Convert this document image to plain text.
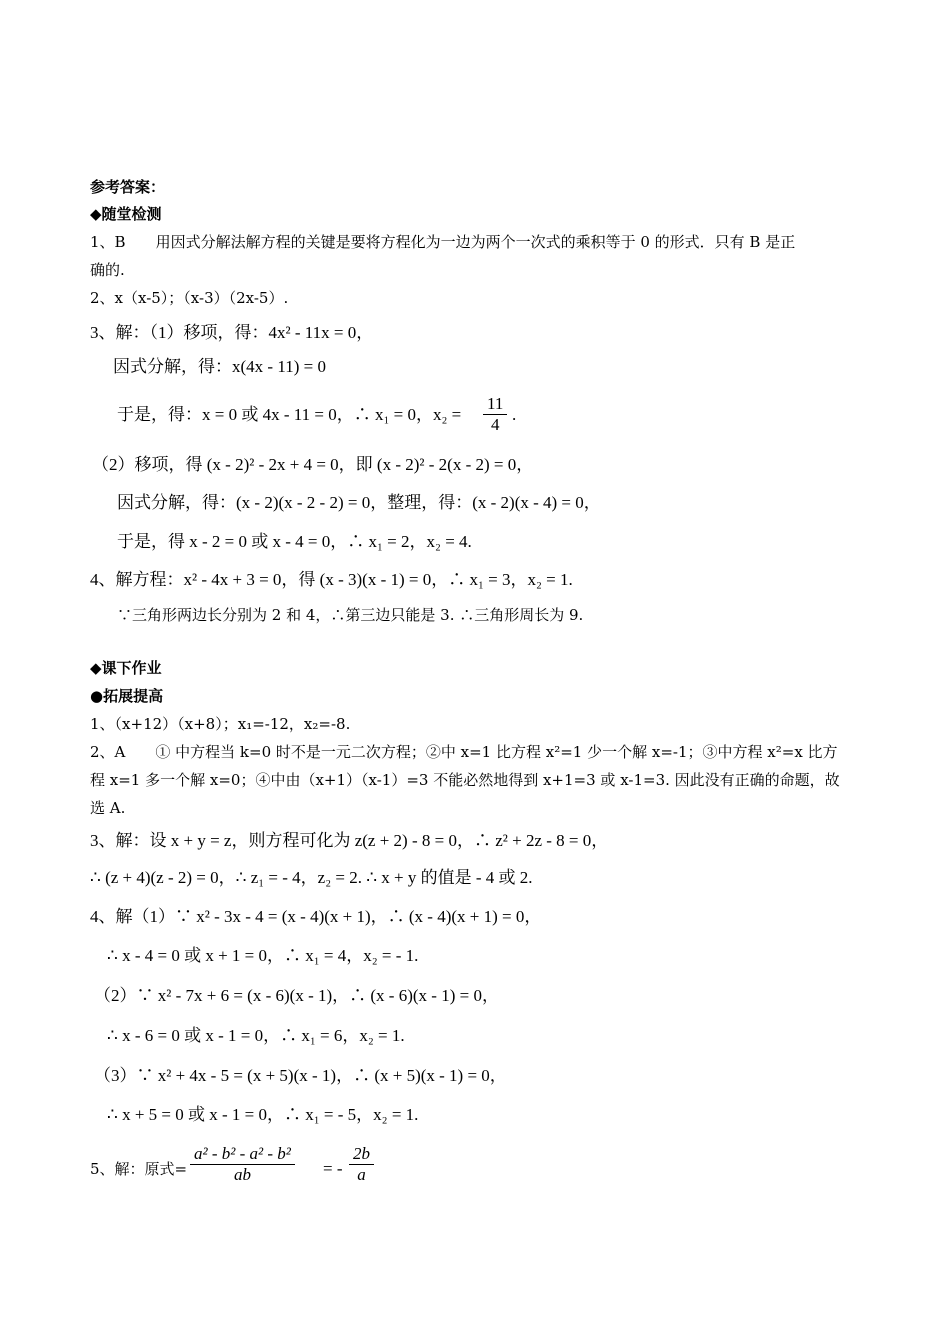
参考答案：
◆随堂检测
1、B　　用因式分解法解方程的关键是要将方程化为一边为两个一次式的乘积等于 0 的形式．只有 B 是正
确的.
2、x（x-5）；（x-3）（2x-5）.
3、解：（1）移项，得：4x² - 11x = 0，
因式分解，得：x(4x - 11) = 0
于是，得：x = 0 或 4x - 11 = 0，∴ x₁ = 0，x₂ =
11
4
.
（2）移项，得 (x - 2)² - 2x + 4 = 0，即 (x - 2)² - 2(x - 2) = 0，
因式分解，得：(x - 2)(x - 2 - 2) = 0，整理，得：(x - 2)(x - 4) = 0，
于是，得 x - 2 = 0 或 x - 4 = 0，∴ x₁ = 2，x₂ = 4.
4、解方程：x² - 4x + 3 = 0，得 (x - 3)(x - 1) = 0，∴ x₁ = 3，x₂ = 1.
∵三角形两边长分别为 2 和 4，∴第三边只能是 3. ∴三角形周长为 9.
◆课下作业
●拓展提高
1、（x+12）（x+8）；x₁=-12，x₂=-8.
2、A　　① 中方程当 k=0 时不是一元二次方程；②中 x=1 比方程 x²=1 少一个解 x=-1；③中方程 x²=x 比方
程 x=1 多一个解 x=0；④中由（x+1）（x-1）=3 不能必然地得到 x+1=3 或 x-1=3. 因此没有正确的命题，故
选 A.
3、解：设 x + y = z，则方程可化为 z(z + 2) - 8 = 0，∴ z² + 2z - 8 = 0，
∴ (z + 4)(z - 2) = 0，∴ z₁ = - 4，z₂ = 2. ∴ x + y 的值是 - 4 或 2.
4、解（1）∵ x² - 3x - 4 = (x - 4)(x + 1)，∴ (x - 4)(x + 1) = 0，
∴ x - 4 = 0 或 x + 1 = 0，∴ x₁ = 4，x₂ = - 1.
（2）∵ x² - 7x + 6 = (x - 6)(x - 1)，∴ (x - 6)(x - 1) = 0，
∴ x - 6 = 0 或 x - 1 = 0，∴ x₁ = 6，x₂ = 1.
（3）∵ x² + 4x - 5 = (x + 5)(x - 1)，∴ (x + 5)(x - 1) = 0，
∴ x + 5 = 0 或 x - 1 = 0，∴ x₁ = - 5，x₂ = 1.
5、解：原式=
a² - b² - a² - b²
ab	= -
2b
a
